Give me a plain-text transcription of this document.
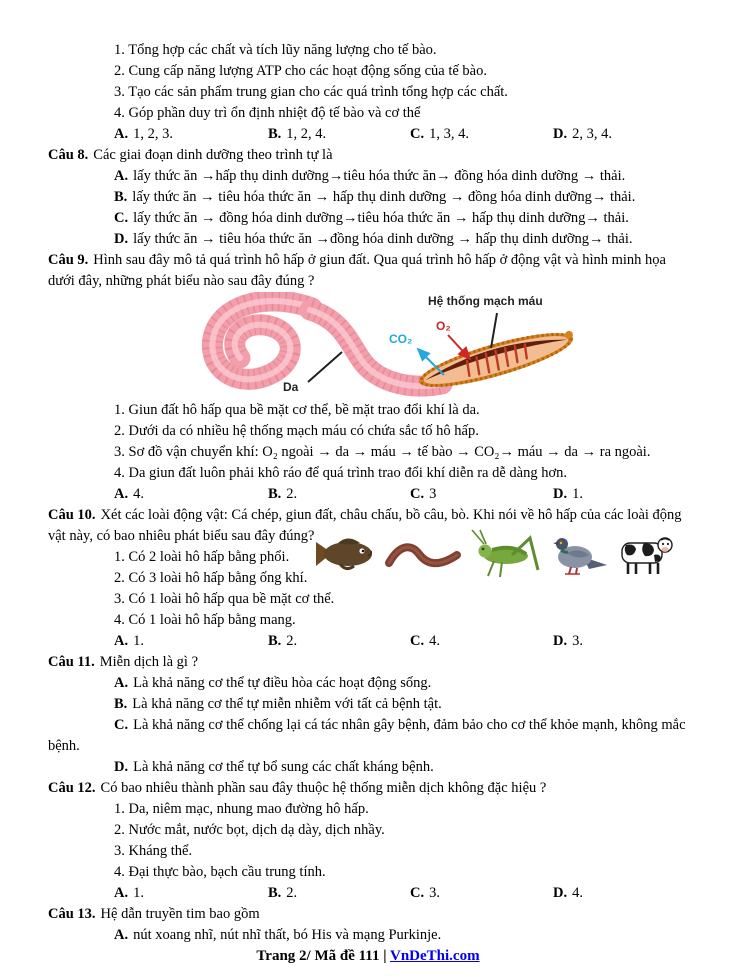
1. Tổng hợp các chất và tích lũy năng lượng cho tế bào.
2. Cung cấp năng lượng ATP cho các hoạt động sống của tế bào.
3. Tạo các sản phẩm trung gian cho các quá trình tổng hợp các chất.
4. Góp phần duy trì ổn định nhiệt độ tế bào và cơ thể
A. 1, 2, 3.	B. 1, 2, 4.	C. 1, 3, 4.	D. 2, 3, 4.
Câu 8. Các giai đoạn dinh dưỡng theo trình tự là
A. lấy thức ăn →hấp thụ dinh dưỡng→tiêu hóa thức ăn→ đồng hóa dinh dưỡng → thải.
B. lấy thức ăn → tiêu hóa thức ăn → hấp thụ dinh dưỡng → đồng hóa dinh dưỡng→ thải.
C. lấy thức ăn → đồng hóa dinh dưỡng→tiêu hóa thức ăn → hấp thụ dinh dưỡng→ thải.
D. lấy thức ăn → tiêu hóa thức ăn →đồng hóa dinh dưỡng → hấp thụ dinh dưỡng→ thải.
Câu 9. Hình sau đây mô tả quá trình hô hấp ở giun đất. Qua quá trình hô hấp ở động vật và hình minh họa
dưới đây, những phát biểu nào sau đây đúng ?
Hệ thống mạch máu
O₂
CO₂
Da
1. Giun đất hô hấp qua bề mặt cơ thể, bề mặt trao đổi khí là da.
2. Dưới da có nhiều hệ thống mạch máu có chứa sắc tố hô hấp.
3. Sơ đồ vận chuyển khí: O₂ ngoài → da → máu → tế bào → CO₂→ máu → da → ra ngoài.
4. Da giun đất luôn phải khô ráo để quá trình trao đổi khí diễn ra dễ dàng hơn.
A. 4.	B. 2.	C. 3	D. 1.
Câu 10. Xét các loài động vật: Cá chép, giun đất, châu chấu, bồ câu, bò. Khi nói về hô hấp của các loài động
vật này, có bao nhiêu phát biểu sau đây đúng?
1. Có 2 loài hô hấp bằng phổi.
2. Có 3 loài hô hấp bằng ống khí.
3. Có 1 loài hô hấp qua bề mặt cơ thể.
4. Có 1 loài hô hấp bằng mang.
A. 1.	B. 2.	C. 4.	D. 3.
Câu 11. Miễn dịch là gì ?
A. Là khả năng cơ thể tự điều hòa các hoạt động sống.
B. Là khả năng cơ thể tự miễn nhiễm với tất cả bệnh tật.
C. Là khả năng cơ thể chống lại cá tác nhân gây bệnh, đảm bảo cho cơ thể khỏe mạnh, không mắc
bệnh.
D. Là khả năng cơ thể tự bổ sung các chất kháng bệnh.
Câu 12. Có bao nhiêu thành phần sau đây thuộc hệ thống miễn dịch không đặc hiệu ?
1. Da, niêm mạc, nhung mao đường hô hấp.
2. Nước mắt, nước bọt, dịch dạ dày, dịch nhầy.
3. Kháng thể.
4. Đại thực bào, bạch cầu trung tính.
A. 1.	B. 2.	C. 3.	D. 4.
Câu 13. Hệ dẫn truyền tim bao gồm
A. nút xoang nhĩ, nút nhĩ thất, bó His và mạng Purkinje.
Trang 2/ Mã đề 111 | VnDeThi.com
